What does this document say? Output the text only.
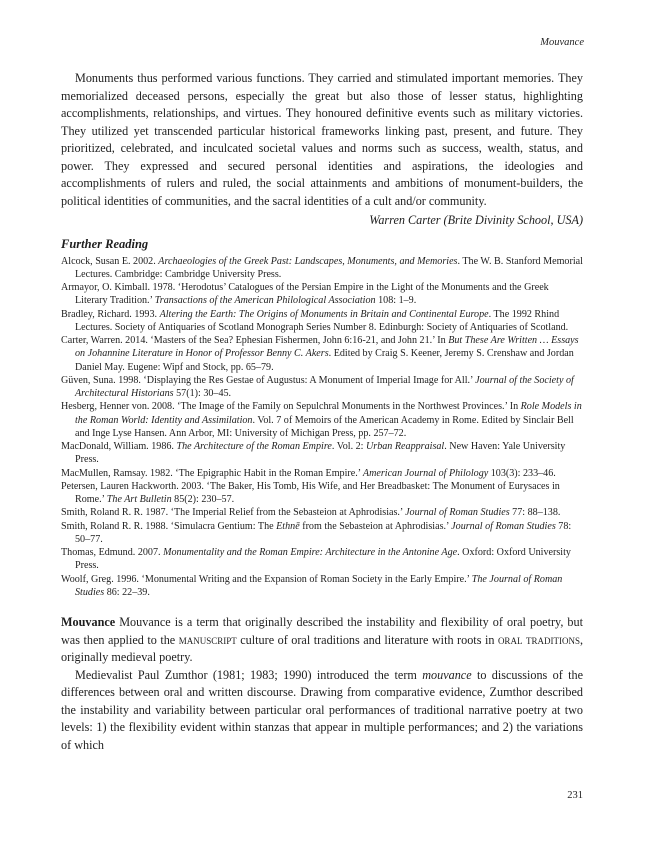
Mouvance

Monuments thus performed various functions. They carried and stimulated important memories. They memorialized deceased persons, especially the great but also those of lesser status, highlighting accomplishments, relationships, and virtues. They honoured definitive events such as military victories. They utilized yet transcended particular historical frameworks linking past, present, and future. They prioritized, celebrated, and inculcated societal values and norms such as success, wealth, status, and power. They expressed and secured personal identities and aspirations, the ideologies and accomplishments of rulers and ruled, the social attainments and ambitions of monument-builders, the political identities of communities, and the sacral identities of a cult and/or community.

Warren Carter (Brite Divinity School, USA)

Further Reading

Alcock, Susan E. 2002. Archaeologies of the Greek Past: Landscapes, Monuments, and Memories. The W. B. Stanford Memorial Lectures. Cambridge: Cambridge University Press.

Armayor, O. Kimball. 1978. ‘Herodotus’ Catalogues of the Persian Empire in the Light of the Monuments and the Greek Literary Tradition.’ Transactions of the American Philological Association 108: 1–9.

Bradley, Richard. 1993. Altering the Earth: The Origins of Monuments in Britain and Continental Europe. The 1992 Rhind Lectures. Society of Antiquaries of Scotland Monograph Series Number 8. Edinburgh: Society of Antiquaries of Scotland.

Carter, Warren. 2014. ‘Masters of the Sea? Ephesian Fishermen, John 6:16-21, and John 21.’ In But These Are Written … Essays on Johannine Literature in Honor of Professor Benny C. Akers. Edited by Craig S. Keener, Jeremy S. Crenshaw and Jordan Daniel May. Eugene: Wipf and Stock, pp. 65–79.

Güven, Suna. 1998. ‘Displaying the Res Gestae of Augustus: A Monument of Imperial Image for All.’ Journal of the Society of Architectural Historians 57(1): 30–45.

Hesberg, Henner von. 2008. ‘The Image of the Family on Sepulchral Monuments in the Northwest Provinces.’ In Role Models in the Roman World: Identity and Assimilation. Vol. 7 of Memoirs of the American Academy in Rome. Edited by Sinclair Bell and Inge Lyse Hansen. Ann Arbor, MI: University of Michigan Press, pp. 257–72.

MacDonald, William. 1986. The Architecture of the Roman Empire. Vol. 2: Urban Reappraisal. New Haven: Yale University Press.

MacMullen, Ramsay. 1982. ‘The Epigraphic Habit in the Roman Empire.’ American Journal of Philology 103(3): 233–46.

Petersen, Lauren Hackworth. 2003. ‘The Baker, His Tomb, His Wife, and Her Breadbasket: The Monument of Eurysaces in Rome.’ The Art Bulletin 85(2): 230–57.

Smith, Roland R. R. 1987. ‘The Imperial Relief from the Sebasteion at Aphrodisias.’ Journal of Roman Studies 77: 88–138.

Smith, Roland R. R. 1988. ‘Simulacra Gentium: The Ethnē from the Sebasteion at Aphrodisias.’ Journal of Roman Studies 78: 50–77.

Thomas, Edmund. 2007. Monumentality and the Roman Empire: Architecture in the Antonine Age. Oxford: Oxford University Press.

Woolf, Greg. 1996. ‘Monumental Writing and the Expansion of Roman Society in the Early Empire.’ The Journal of Roman Studies 86: 22–39.

Mouvance Mouvance is a term that originally described the instability and flexibility of oral poetry, but was then applied to the manuscript culture of oral traditions and literature with roots in oral traditions, originally medieval poetry.

Medievalist Paul Zumthor (1981; 1983; 1990) introduced the term mouvance to discussions of the differences between oral and written discourse. Drawing from comparative evidence, Zumthor described the instability and variability between particular oral performances of traditional narrative poetry at two levels: 1) the flexibility evident within stanzas that appear in multiple performances; and 2) the variations of which

231
